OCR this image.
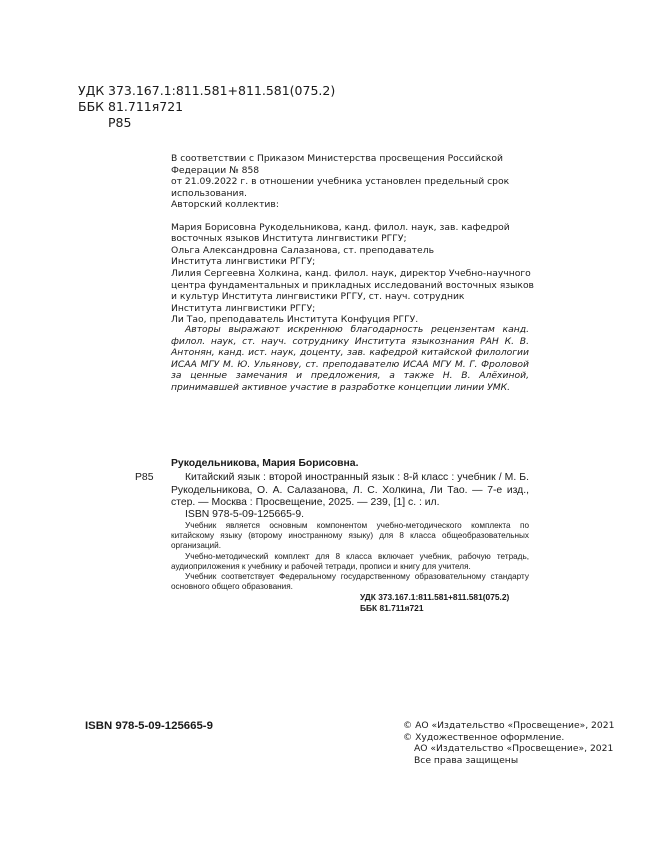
УДК 373.167.1:811.581+811.581(075.2)
ББК 81.711я721
Р85
В соответствии с Приказом Министерства просвещения Российской Федерации № 858
от 21.09.2022 г. в отношении учебника установлен предельный срок использования.
Авторский коллектив:
Мария Борисовна Рукодельникова, канд. филол. наук, зав. кафедрой
восточных языков Института лингвистики РГГУ;
Ольга Александровна Салазанова, ст. преподаватель
Института лингвистики РГГУ;
Лилия Сергеевна Холкина, канд. филол. наук, директор Учебно-научного
центра фундаментальных и прикладных исследований восточных языков
и культур Института лингвистики РГГУ, ст. науч. сотрудник
Института лингвистики РГГУ;
Ли Тао, преподаватель Института Конфуция РГГУ.
Авторы выражают искреннюю благодарность рецензентам канд. филол. наук, ст. науч. сотруднику Института языкознания РАН К. В. Антонян, канд. ист. наук, доценту, зав. кафедрой китайской филологии ИСАА МГУ М. Ю. Ульянову, ст. преподавателю ИСАА МГУ М. Г. Фроловой за ценные замечания и предложения, а также Н. В. Алёхиной, принимавшей активное участие в разработке концепции линии УМК.
Рукодельникова, Мария Борисовна.
Р85	Китайский язык : второй иностранный язык : 8-й класс : учебник / М. Б. Рукодельникова, О. А. Салазанова, Л. С. Холкина, Ли Тао. — 7-е изд., стер. — Москва : Просвещение, 2025. — 239, [1] с. : ил.
ISBN 978-5-09-125665-9.

Учебник является основным компонентом учебно-методического комплекта по китайскому языку (второму иностранному языку) для 8 класса общеобразовательных организаций.

Учебно-методический комплект для 8 класса включает учебник, рабочую тетрадь, аудиоприложения к учебнику и рабочей тетради, прописи и книгу для учителя.

Учебник соответствует Федеральному государственному образовательному стандарту основного общего образования.

УДК 373.167.1:811.581+811.581(075.2)
ББК 81.711я721
ISBN 978-5-09-125665-9	© АО «Издательство «Просвещение», 2021
© Художественное оформление.
АО «Издательство «Просвещение», 2021
Все права защищены
